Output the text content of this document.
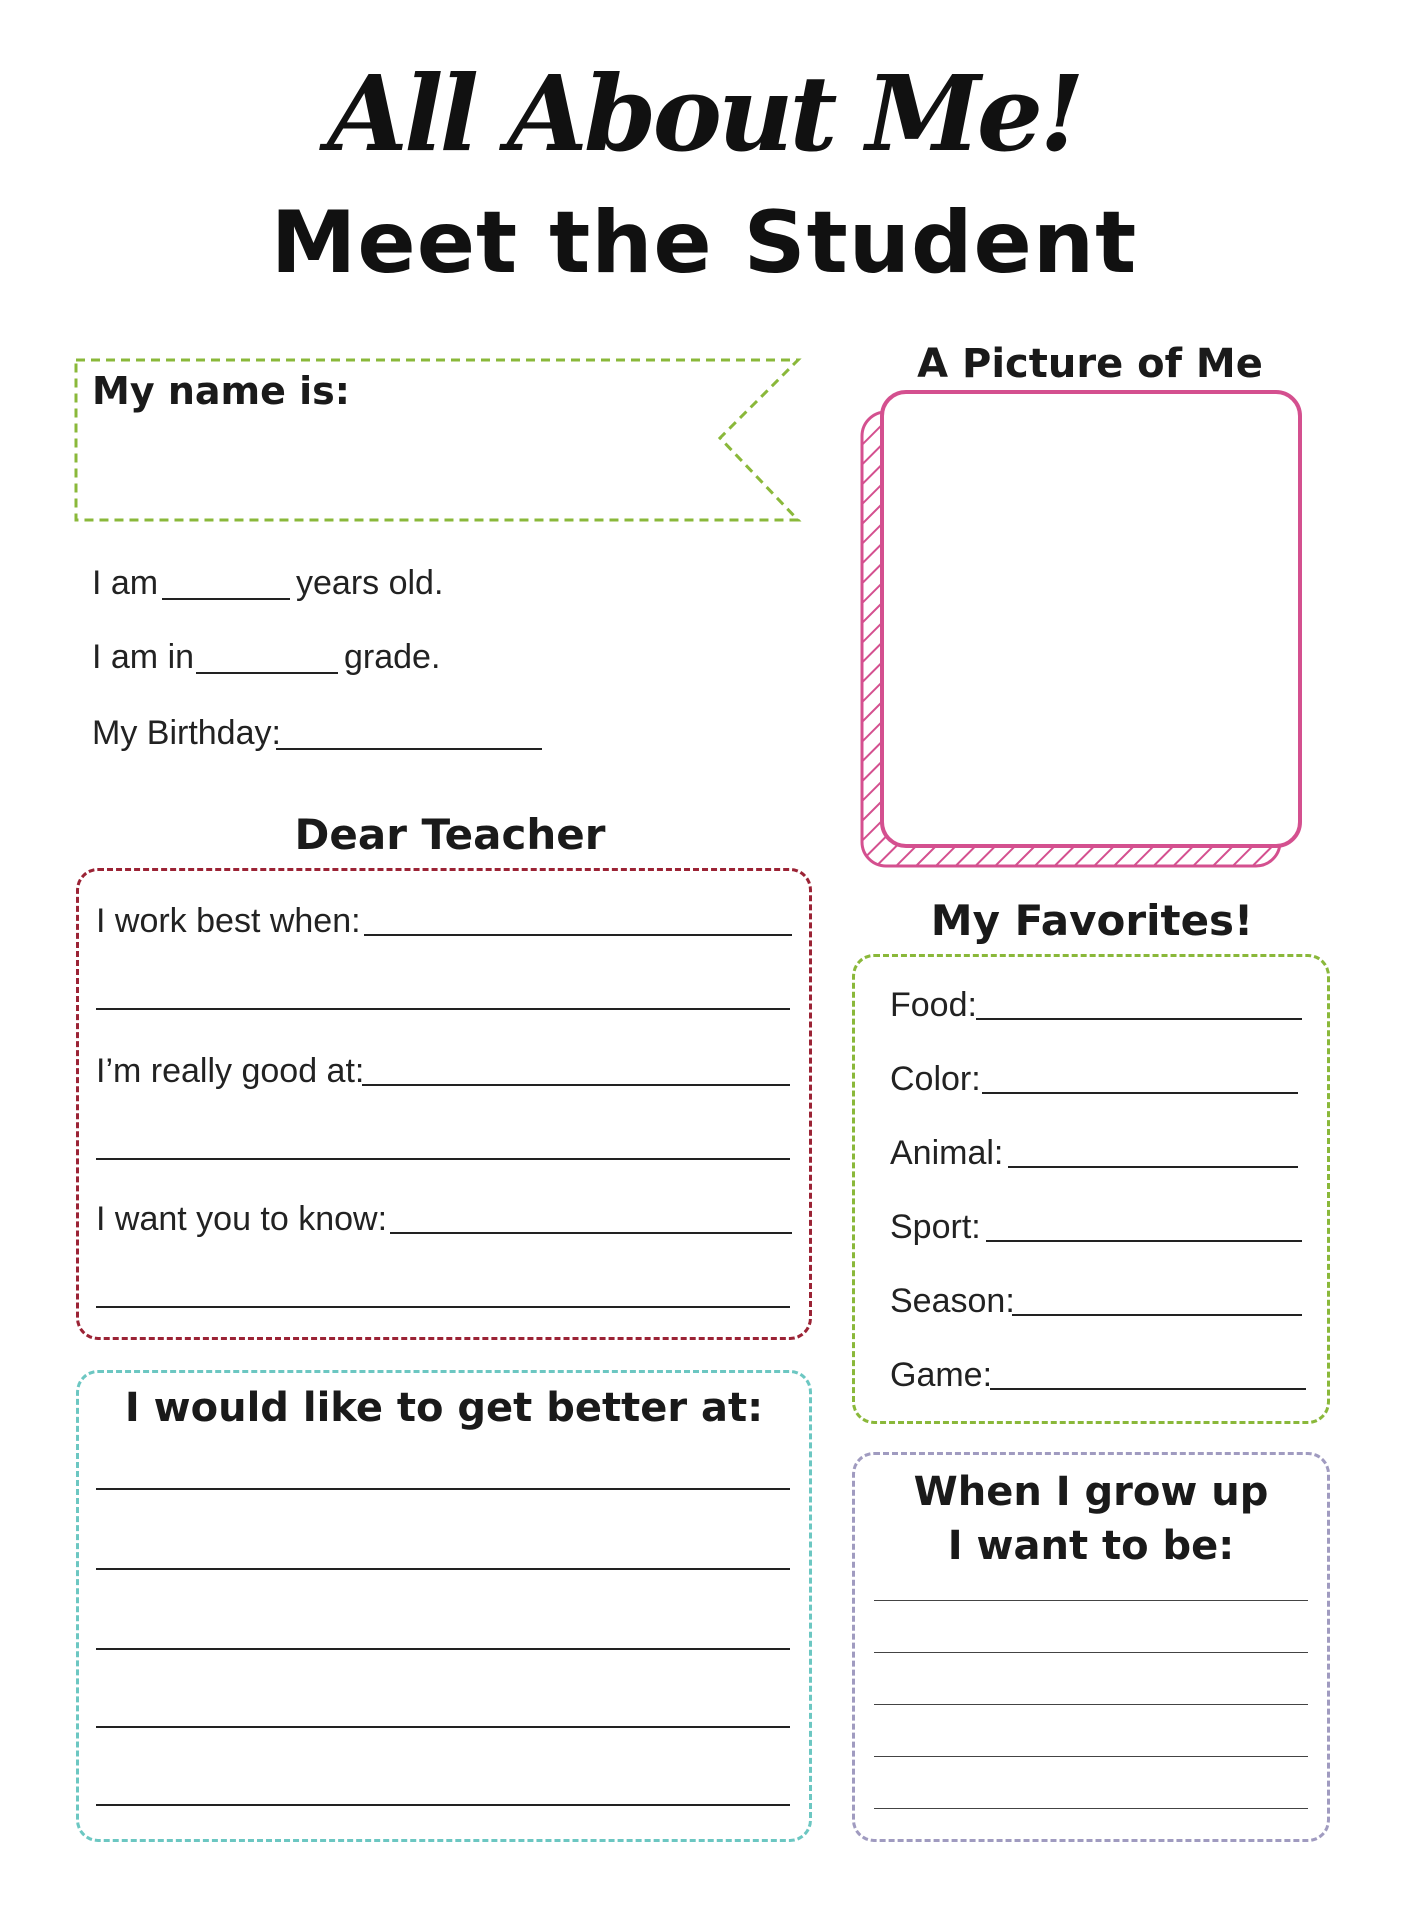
All About Me!
Meet the Student
My name is:
I am	years old.
I am in	grade.
My Birthday:
A Picture of Me
Dear Teacher
I work best when:
I’m really good at:
I want you to know:
I would like to get better at:
My Favorites!
Food:
Color:
Animal:
Sport:
Season:
Game:
When I grow up
I want to be:
